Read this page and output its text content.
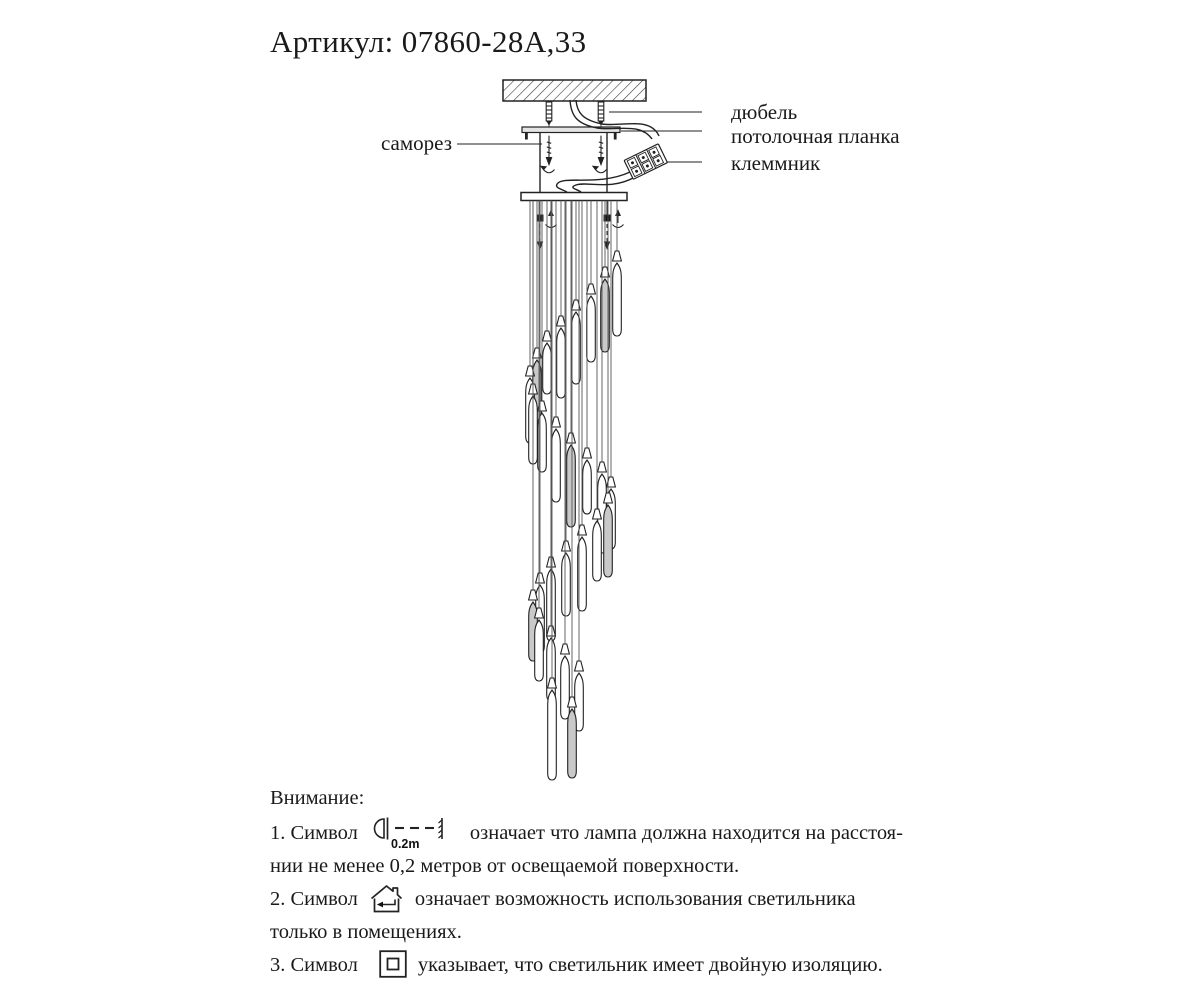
Артикул: 07860-28А,33
саморез
дюбель
потолочная планка
клеммник
Внимание:
1. Символ
0.2m
означает что лампа должна находится на расстоя-
нии не менее 0,2 метров от освещаемой поверхности.
2. Символ	означает возможность использования светильника
только в помещениях.
3. Символ	указывает, что светильник имеет двойную изоляцию.
